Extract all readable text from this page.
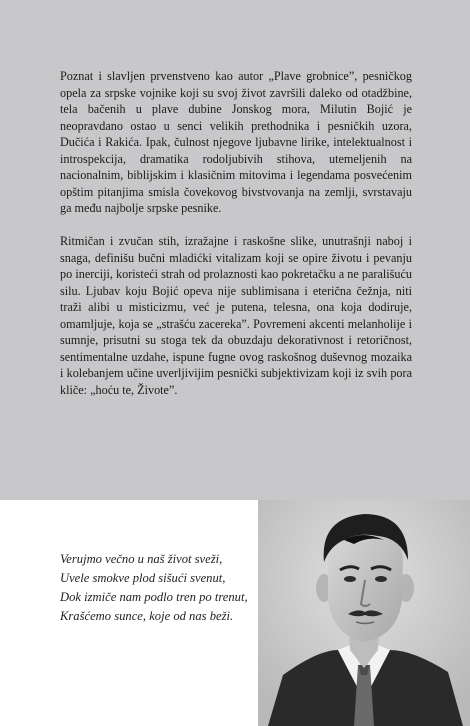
Poznat i slavljen prvenstveno kao autor „Plave grobnice”, pesničkog opela za srpske vojnike koji su svoj život završili daleko od otadžbine, tela bačenih u plave dubine Jonskog mora, Milutin Bojić je neopravdano ostao u senci velikih prethodnika i pesničkih uzora, Dučića i Rakića. Ipak, čulnost njegove ljubavne lirike, intelektualnost i introspekcija, dramatika rodoljubivih stihova, utemeljenih na nacionalnim, biblijskim i klasičnim mitovima i legendama posvećenim opštim pitanjima smisla čovekovog bivstvovanja na zemlji, svrstavaju ga među najbolje srpske pesnike.

Ritmičan i zvučan stih, izražajne i raskošne slike, unutrašnji naboj i snaga, definišu bučni mladićki vitalizam koji se opire životu i pevanju po inerciji, koristeći strah od prolaznosti kao pokretačku a ne parališuću silu. Ljubav koju Bojić opeva nije sublimisana i eterična čežnja, niti traži alibi u misticizmu, već je putena, telesna, ona koja dodiruje, omamljuje, koja se „strašću zacereka”. Povremeni akcenti melanholije i sumnje, prisutni su stoga tek da obuzdaju dekorativnost i retoričnost, sentimentalne uzdahe, ispune fugne ovog raskošnog duševnog mozaika i kolebanjem učine uverljivijim pesnički subjektivizam koji iz svih pora kliče: „hoću te, Živote”.

Verujmo večno u naš život sveži,
Uvele smokve plod sišući svenut,
Dok izmiče nam podlo tren po trenut,
Krašćemo sunce, koje od nas beži.
